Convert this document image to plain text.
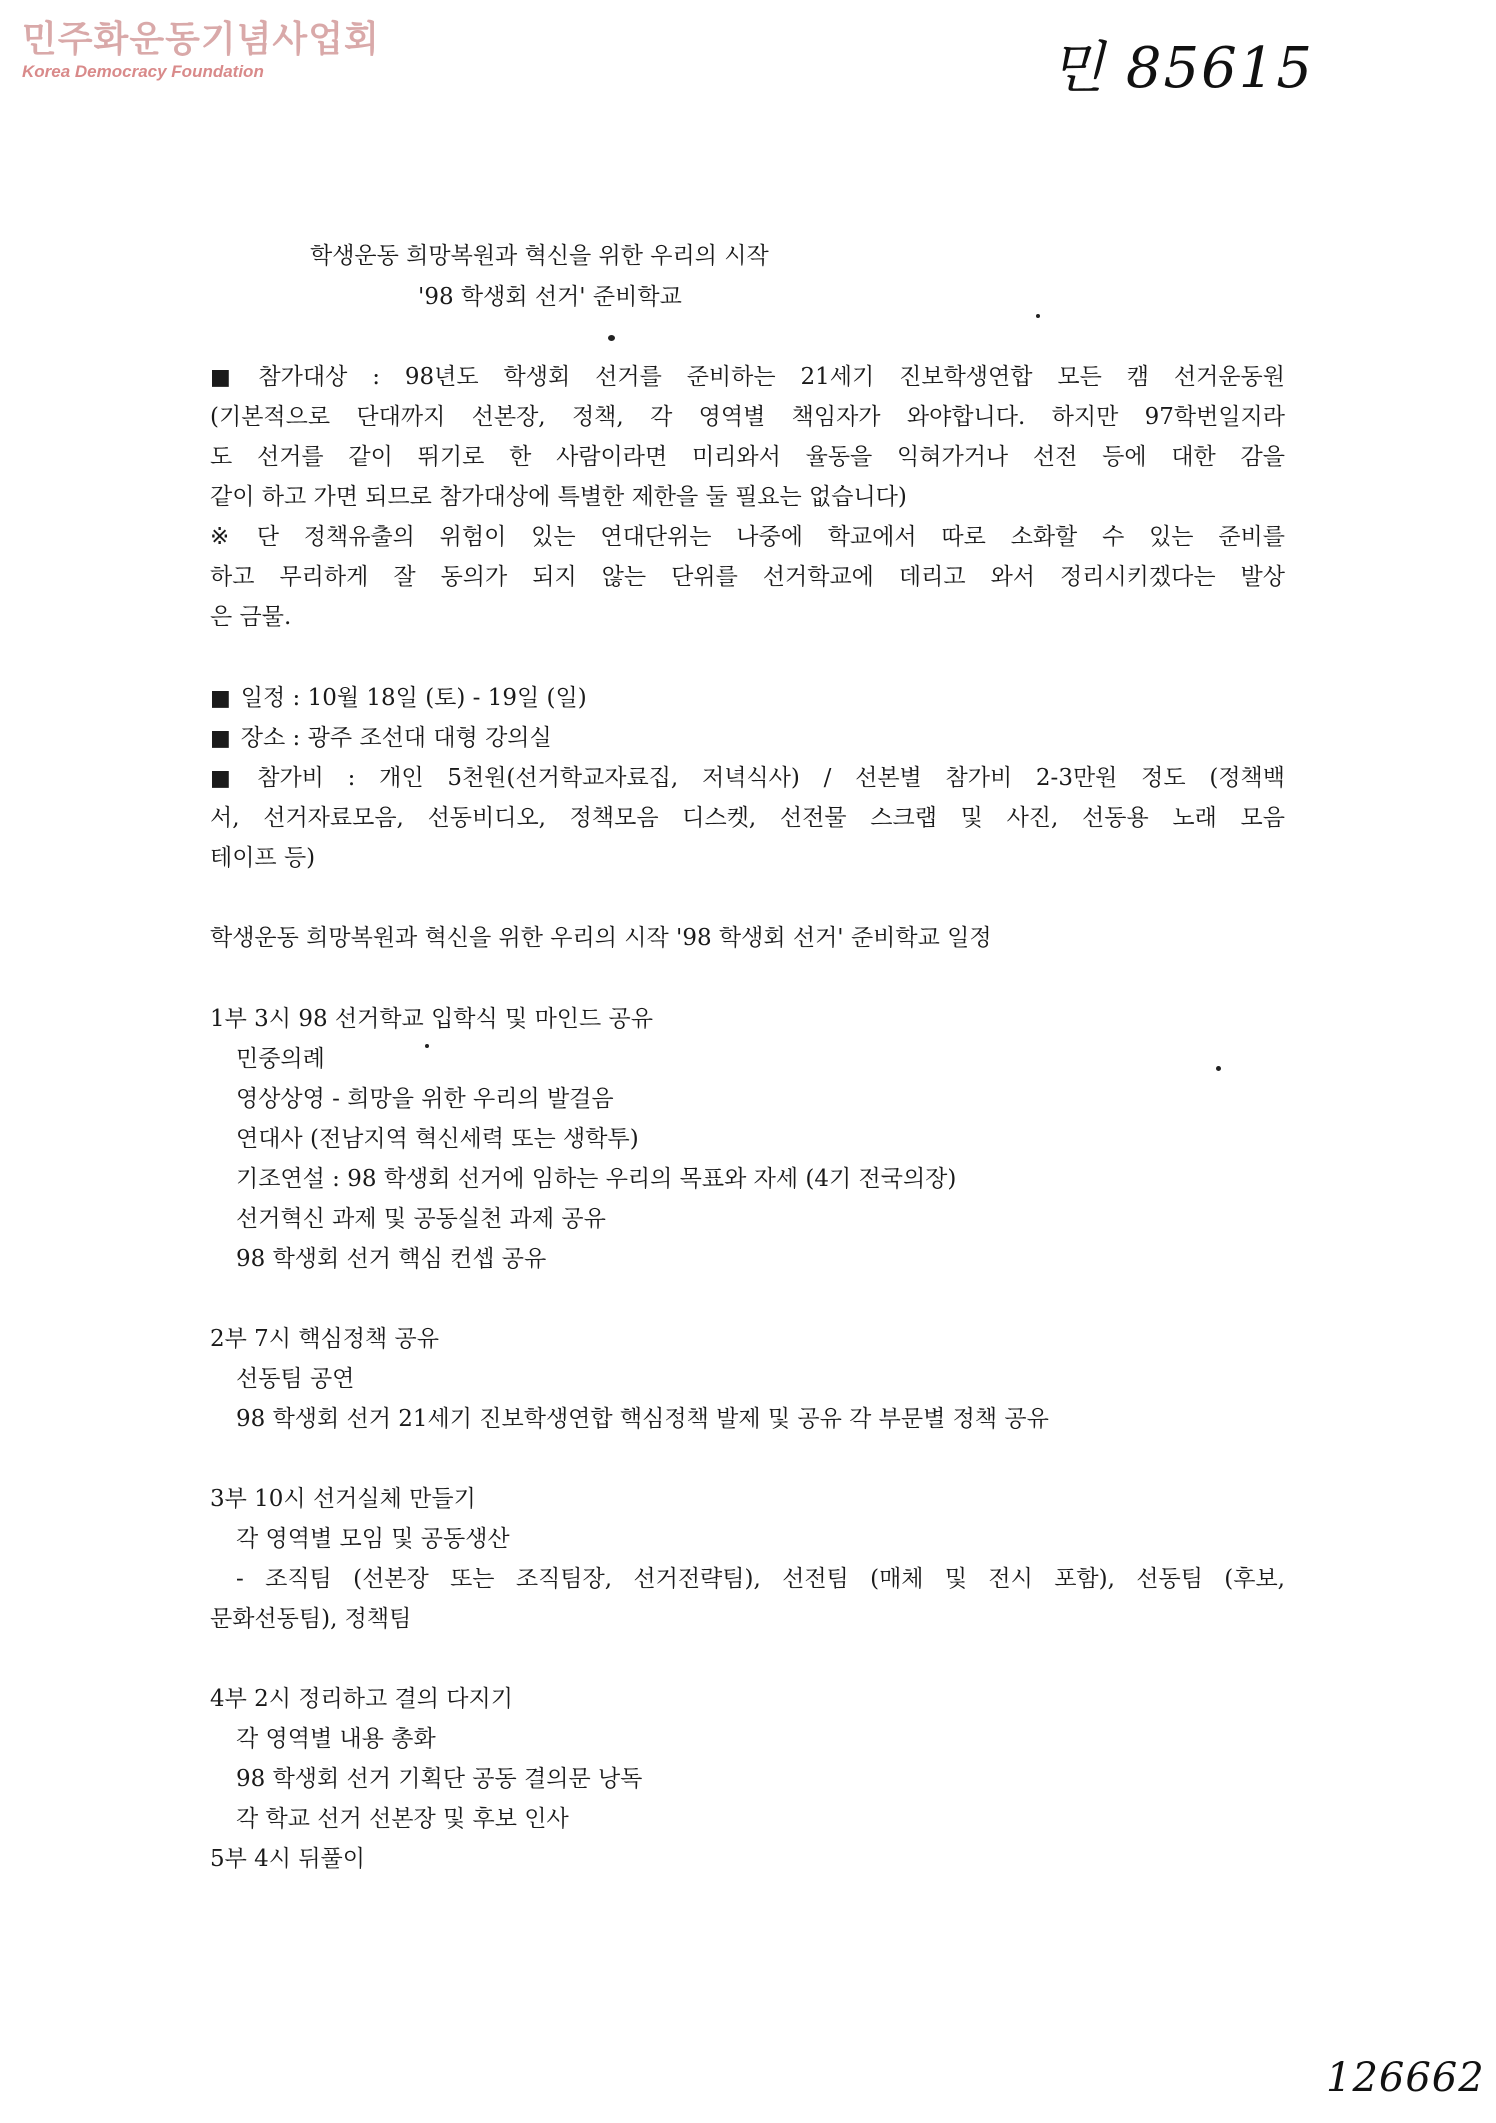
민주화운동기념사업회
Korea Democracy Foundation	민 85615
126662
학생운동 희망복원과 혁신을 위한 우리의 시작
'98 학생회 선거' 준비학교
■ 참가대상 : 98년도 학생회 선거를 준비하는 21세기 진보학생연합 모든 캠 선거운동원
(기본적으로 단대까지 선본장, 정책, 각 영역별 책임자가 와야합니다. 하지만 97학번일지라
도 선거를 같이 뛰기로 한 사람이라면 미리와서 율동을 익혀가거나 선전 등에 대한 감을
같이 하고 가면 되므로 참가대상에 특별한 제한을 둘 필요는 없습니다)
※ 단 정책유출의 위험이 있는 연대단위는 나중에 학교에서 따로 소화할 수 있는 준비를
하고 무리하게 잘 동의가 되지 않는 단위를 선거학교에 데리고 와서 정리시키겠다는 발상
은 금물.
■ 일정 : 10월 18일 (토) - 19일 (일)
■ 장소 : 광주 조선대 대형 강의실
■ 참가비 : 개인 5천원(선거학교자료집, 저녁식사) / 선본별 참가비 2-3만원 정도 (정책백
서, 선거자료모음, 선동비디오, 정책모음 디스켓, 선전물 스크랩 및 사진, 선동용 노래 모음
테이프 등)
학생운동 희망복원과 혁신을 위한 우리의 시작 '98 학생회 선거' 준비학교 일정
1부 3시 98 선거학교 입학식 및 마인드 공유
민중의례
영상상영 - 희망을 위한 우리의 발걸음
연대사 (전남지역 혁신세력 또는 생학투)
기조연설 : 98 학생회 선거에 임하는 우리의 목표와 자세 (4기 전국의장)
선거혁신 과제 및 공동실천 과제 공유
98 학생회 선거 핵심 컨셉 공유
2부 7시 핵심정책 공유
선동팀 공연
98 학생회 선거 21세기 진보학생연합 핵심정책 발제 및 공유 각 부문별 정책 공유
3부 10시 선거실체 만들기
각 영역별 모임 및 공동생산
- 조직팀 (선본장 또는 조직팀장, 선거전략팀), 선전팀 (매체 및 전시 포함), 선동팀 (후보,
문화선동팀), 정책팀
4부 2시 정리하고 결의 다지기
각 영역별 내용 총화
98 학생회 선거 기획단 공동 결의문 낭독
각 학교 선거 선본장 및 후보 인사
5부 4시 뒤풀이
